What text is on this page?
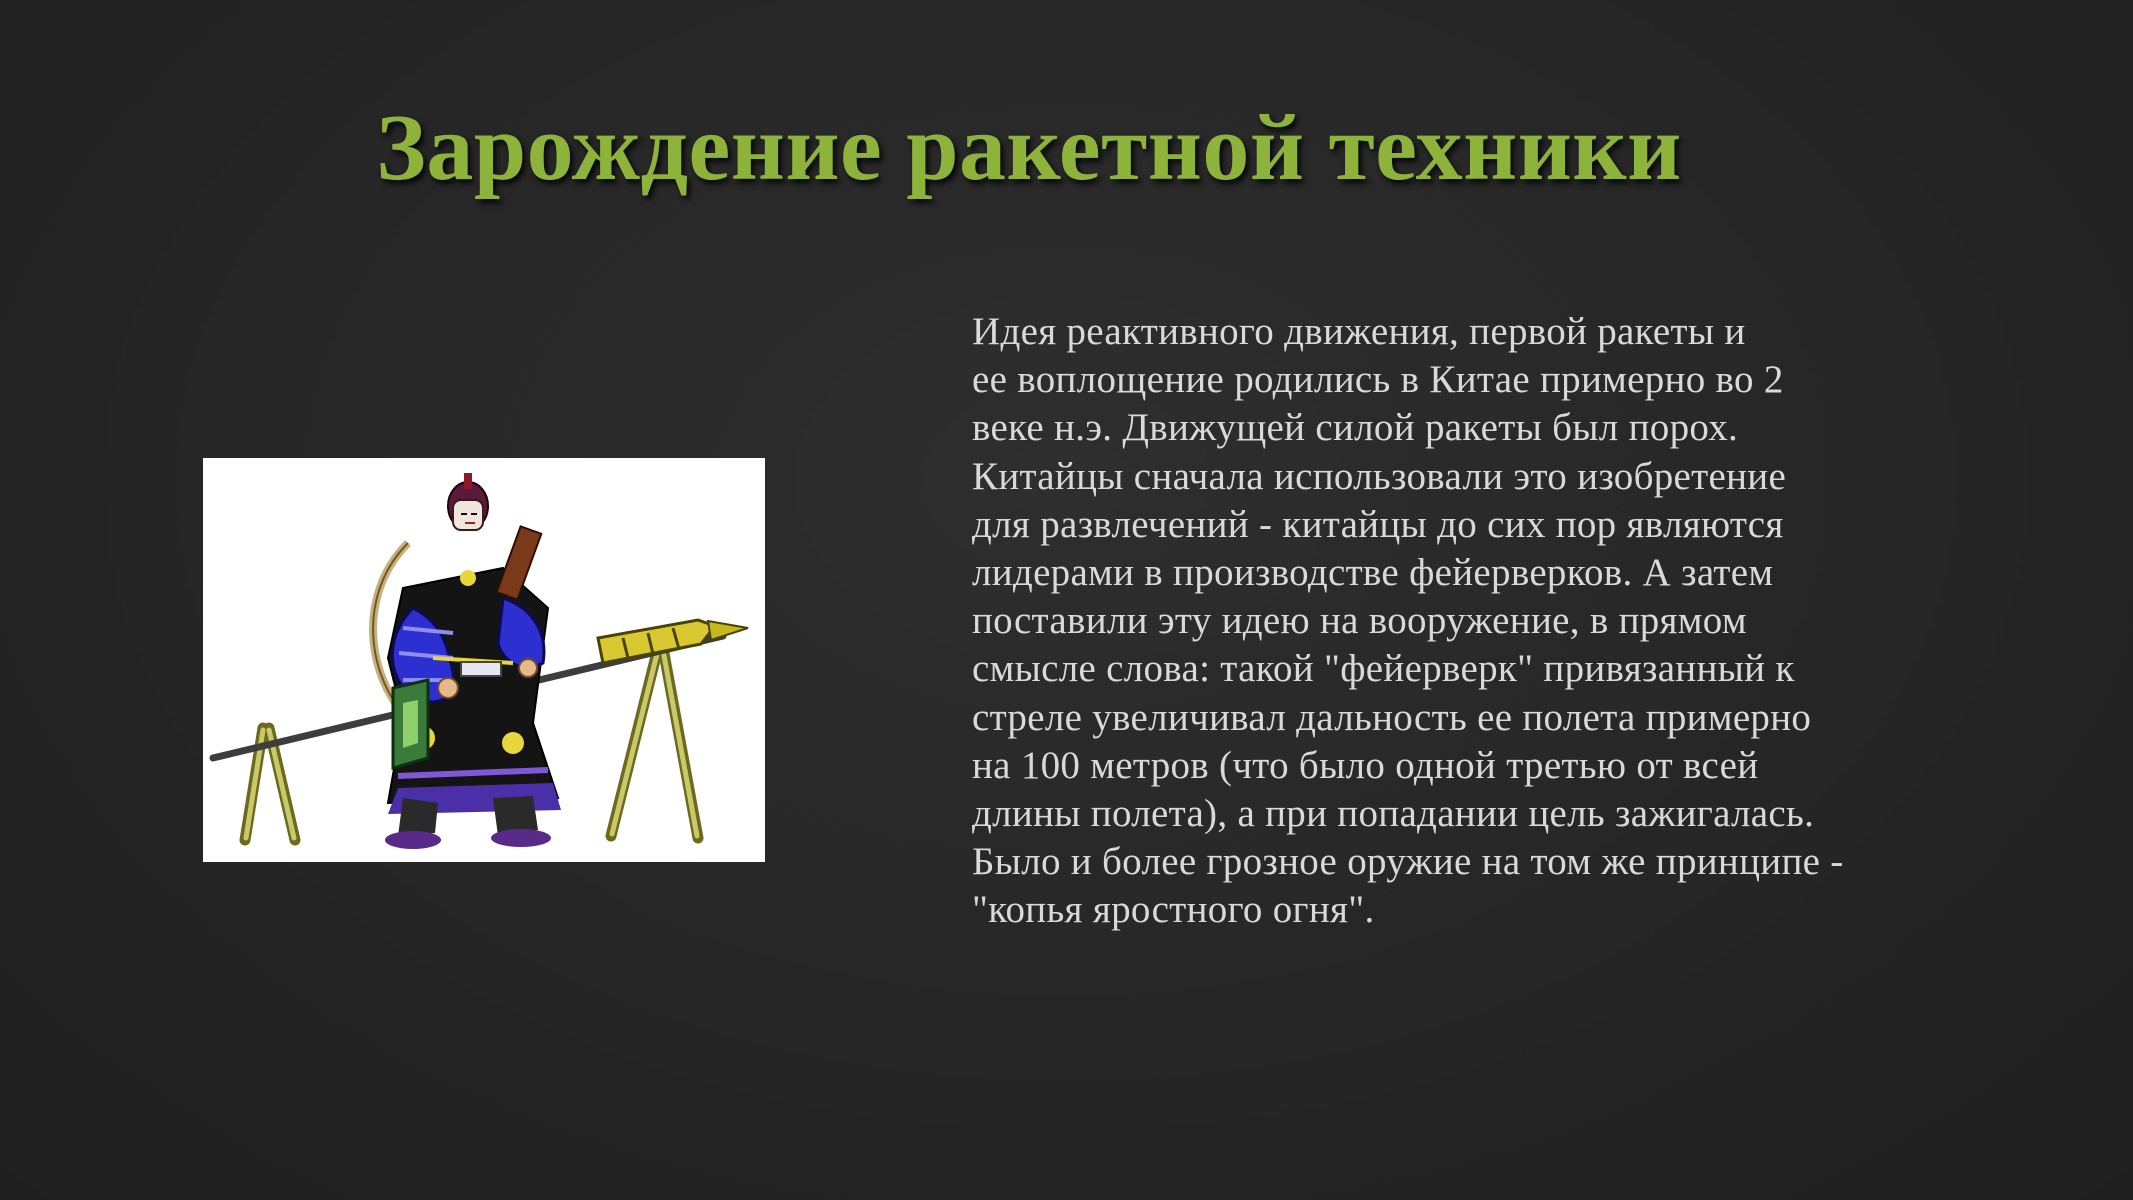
Зарождение ракетной техники

Идея реактивного движения, первой ракеты и
ее воплощение родились в Китае примерно во 2
веке н.э. Движущей силой ракеты был порох.
Китайцы сначала использовали это изобретение
для развлечений - китайцы до сих пор являются
лидерами в производстве фейерверков. А затем
поставили эту идею на вооружение, в прямом
смысле слова: такой "фейерверк" привязанный к
стреле увеличивал дальность ее полета примерно
на 100 метров (что было одной третью от всей
длины полета), а при попадании цель зажигалась.
Было и более грозное оружие на том же принципе -
"копья яростного огня".
